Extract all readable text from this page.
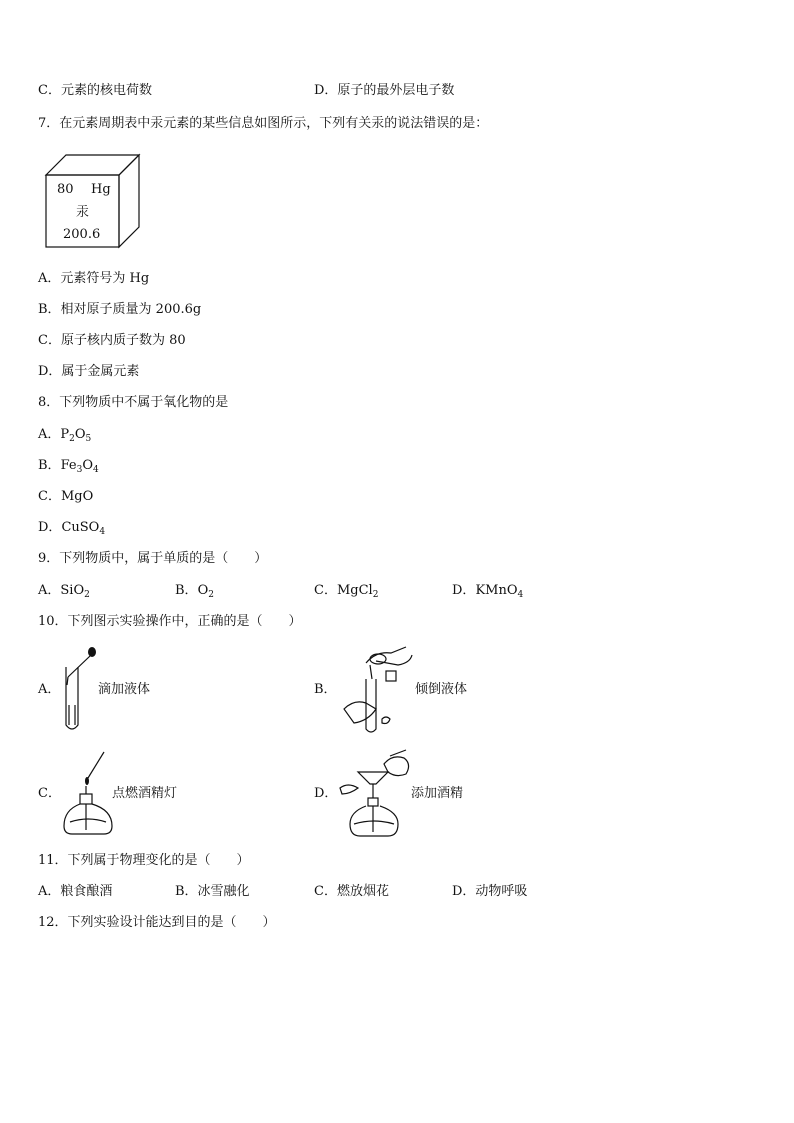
C．元素的核电荷数	D．原子的最外层电子数
7．在元素周期表中汞元素的某些信息如图所示，下列有关汞的说法错误的是：
80 Hg
汞
200.6
A．元素符号为 Hg
B．相对原子质量为 200.6g
C．原子核内质子数为 80
D．属于金属元素
8．下列物质中不属于氧化物的是
A．$P_2O_5$
B．$Fe_3O_4$
C．MgO
D．CuSO$_4$
9．下列物质中，属于单质的是（　　）
A．SiO$_2$	B．$O_2$	C．MgCl$_2$	D．KMnO$_4$
10．下列图示实验操作中，正确的是（　　）
A．	滴加液体	B．	倾倒液体
C．	点燃酒精灯	D．	添加酒精
11．下列属于物理变化的是（　　）
A．粮食酿酒	B．冰雪融化	C．燃放烟花	D．动物呼吸
12．下列实验设计能达到目的是（　　）
